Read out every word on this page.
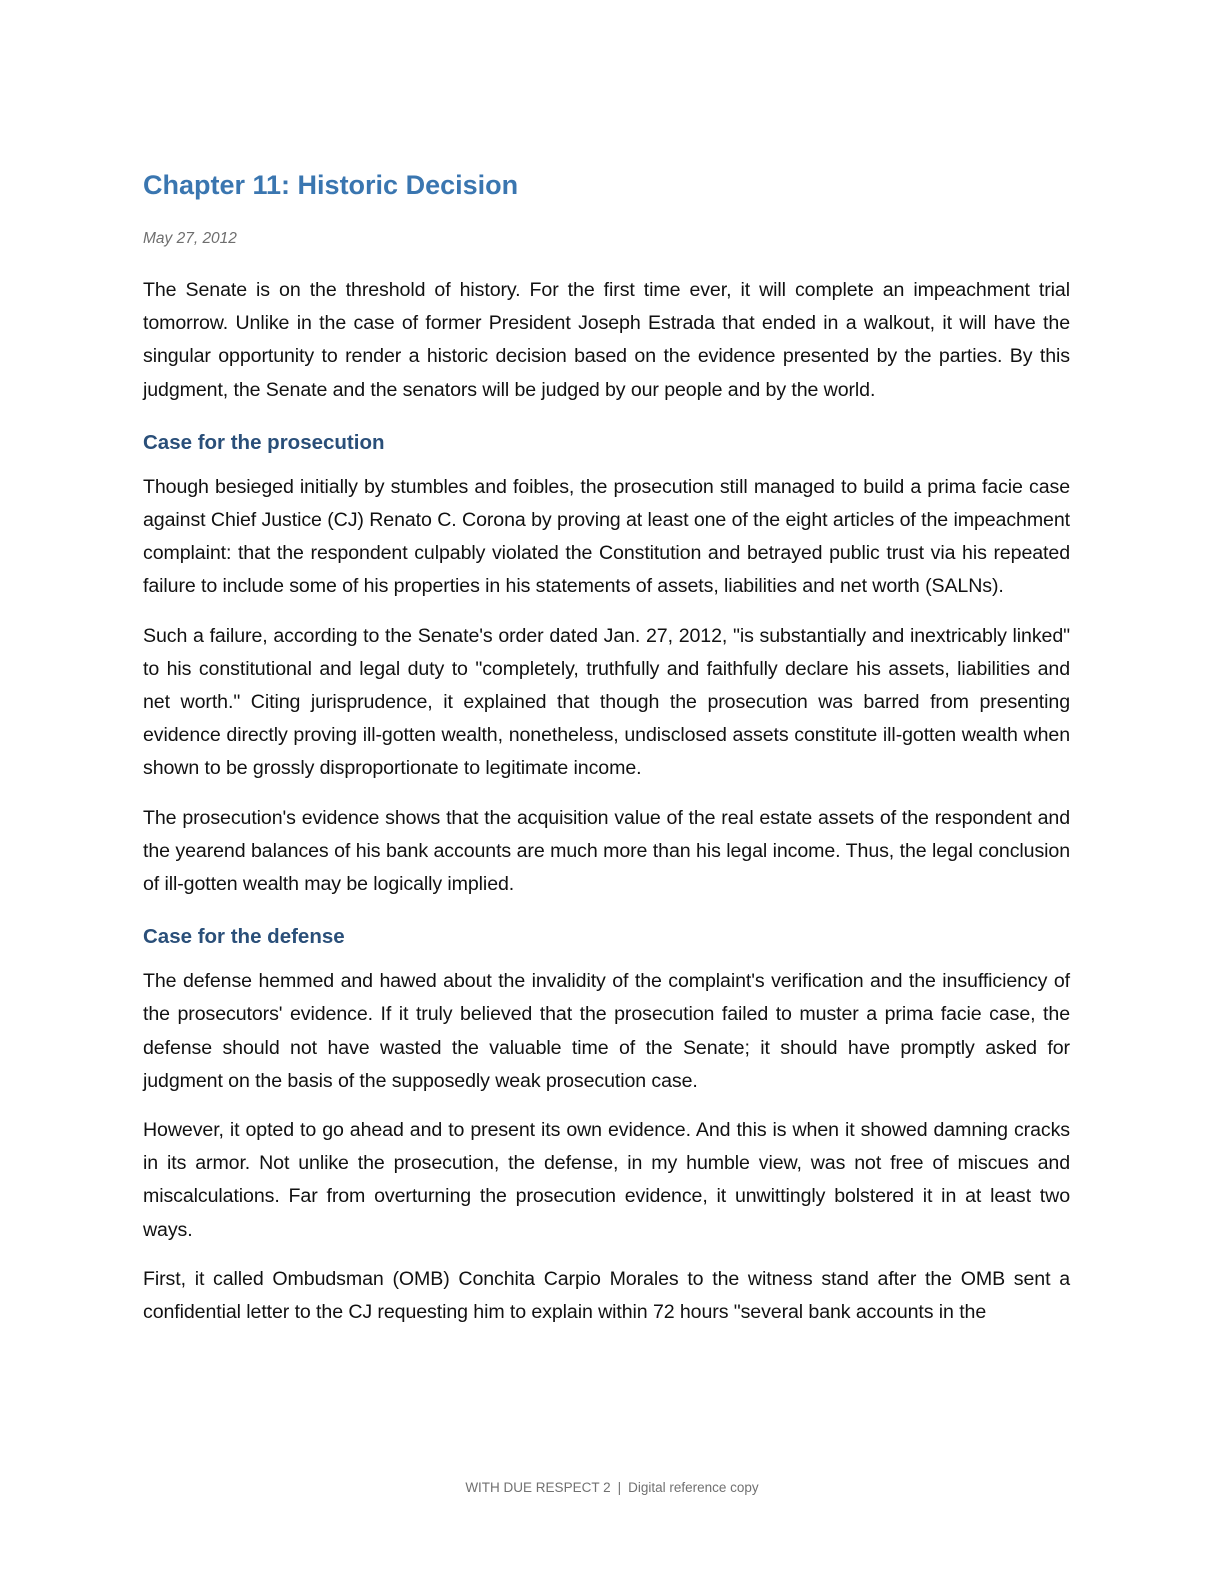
Chapter 11: Historic Decision

May 27, 2012

The Senate is on the threshold of history. For the first time ever, it will complete an impeachment trial tomorrow. Unlike in the case of former President Joseph Estrada that ended in a walkout, it will have the singular opportunity to render a historic decision based on the evidence presented by the parties. By this judgment, the Senate and the senators will be judged by our people and by the world.

Case for the prosecution

Though besieged initially by stumbles and foibles, the prosecution still managed to build a prima facie case against Chief Justice (CJ) Renato C. Corona by proving at least one of the eight articles of the impeachment complaint: that the respondent culpably violated the Constitution and betrayed public trust via his repeated failure to include some of his properties in his statements of assets, liabilities and net worth (SALNs).

Such a failure, according to the Senate's order dated Jan. 27, 2012, "is substantially and inextricably linked" to his constitutional and legal duty to "completely, truthfully and faithfully declare his assets, liabilities and net worth." Citing jurisprudence, it explained that though the prosecution was barred from presenting evidence directly proving ill-gotten wealth, nonetheless, undisclosed assets constitute ill-gotten wealth when shown to be grossly disproportionate to legitimate income.

The prosecution's evidence shows that the acquisition value of the real estate assets of the respondent and the yearend balances of his bank accounts are much more than his legal income. Thus, the legal conclusion of ill-gotten wealth may be logically implied.

Case for the defense

The defense hemmed and hawed about the invalidity of the complaint's verification and the insufficiency of the prosecutors' evidence. If it truly believed that the prosecution failed to muster a prima facie case, the defense should not have wasted the valuable time of the Senate; it should have promptly asked for judgment on the basis of the supposedly weak prosecution case.

However, it opted to go ahead and to present its own evidence. And this is when it showed damning cracks in its armor. Not unlike the prosecution, the defense, in my humble view, was not free of miscues and miscalculations. Far from overturning the prosecution evidence, it unwittingly bolstered it in at least two ways.

First, it called Ombudsman (OMB) Conchita Carpio Morales to the witness stand after the OMB sent a confidential letter to the CJ requesting him to explain within 72 hours "several bank accounts in the

WITH DUE RESPECT 2 | Digital reference copy
